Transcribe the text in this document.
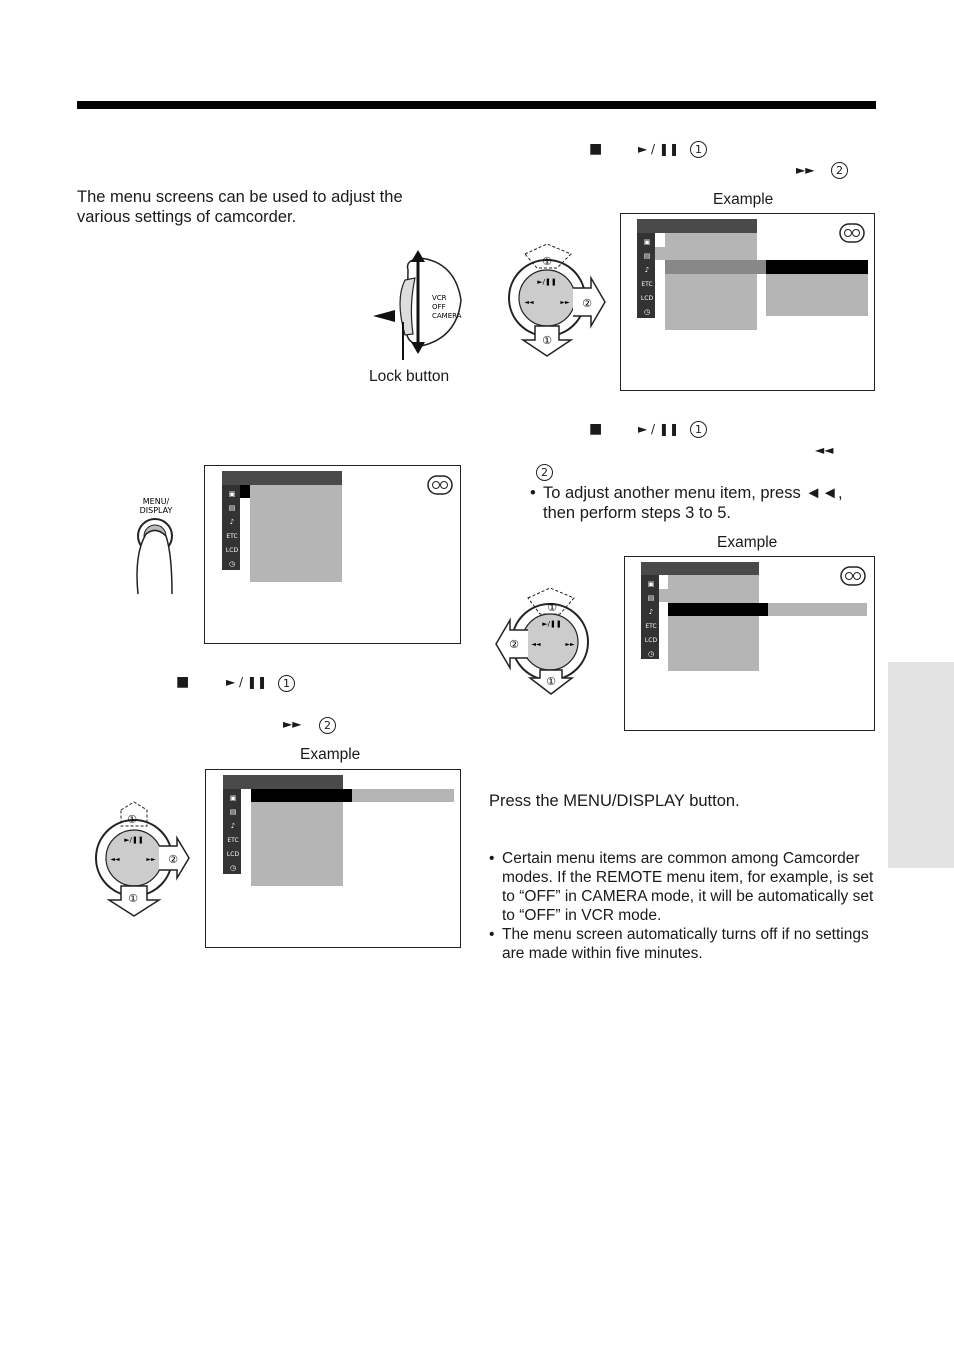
The menu screens can be used to adjust the various settings of camcorder.
VCR
OFF
CAMERA
Lock button
MENU/
DISPLAY
▣
▤
♪
ETC
LCD
◷
■	► / ❚❚	1
►►	2
Example
①
►/❚❚
◄◄	►► ②
①
▣
▤
♪
ETC
LCD
◷
■	► / ❚❚	1
►►	2
Example
①
►/❚❚
◄◄	►► ②
①
▣
▤
♪
ETC
LCD
◷
■	► / ❚❚	1
◄◄
2
• To adjust another menu item, press ◄◄, then perform steps 3 to 5.
Example
①
►/❚❚
◄◄	►►
②
①
▣
▤
♪
ETC
LCD
◷
Press the MENU/DISPLAY button.
• Certain menu items are common among Camcorder modes. If the REMOTE menu item, for example, is set to “OFF” in CAMERA mode, it will be automatically set to “OFF” in VCR mode.
• The menu screen automatically turns off if no settings are made within five minutes.
